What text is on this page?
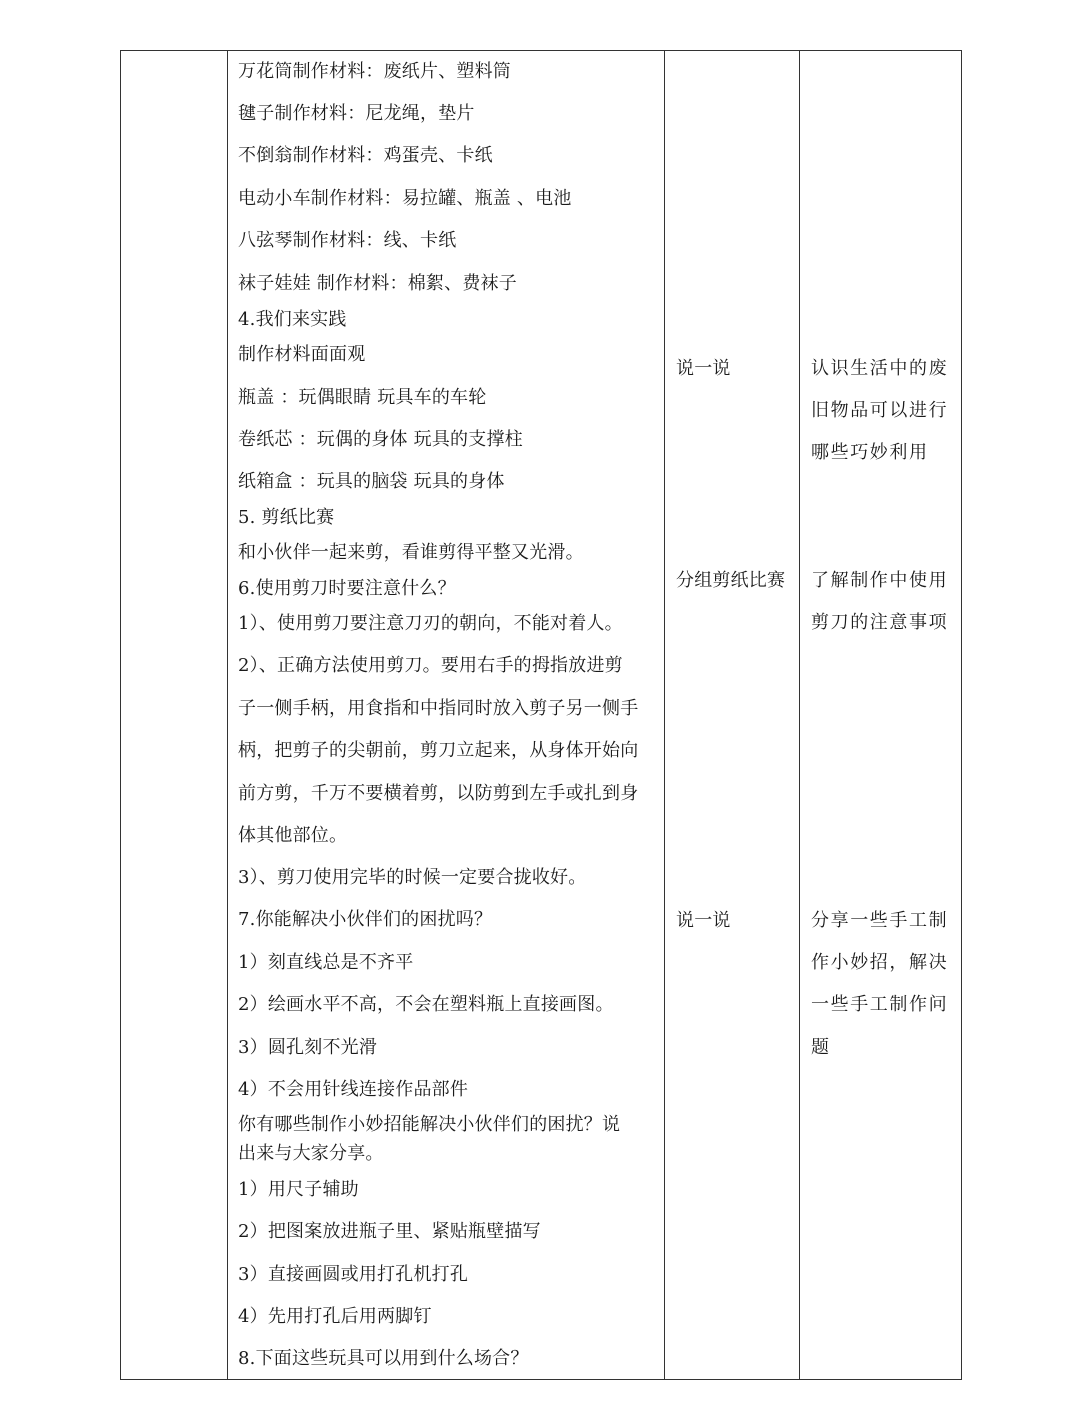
万花筒制作材料：废纸片、塑料筒
毽子制作材料：尼龙绳，垫片
不倒翁制作材料：鸡蛋壳、卡纸
电动小车制作材料：易拉罐、瓶盖 、电池
八弦琴制作材料：线、卡纸
袜子娃娃 制作材料：棉絮、费袜子
4.我们来实践
制作材料面面观
瓶盖 ：玩偶眼睛 玩具车的车轮
卷纸芯 ：玩偶的身体 玩具的支撑柱
纸箱盒 ：玩具的脑袋 玩具的身体
5. 剪纸比赛
和小伙伴一起来剪，看谁剪得平整又光滑。
6.使用剪刀时要注意什么？
1）、使用剪刀要注意刀刃的朝向，不能对着人。
2）、正确方法使用剪刀。要用右手的拇指放进剪
子一侧手柄，用食指和中指同时放入剪子另一侧手
柄，把剪子的尖朝前，剪刀立起来，从身体开始向
前方剪，千万不要横着剪，以防剪到左手或扎到身
体其他部位。
3）、剪刀使用完毕的时候一定要合拢收好。
7.你能解决小伙伴们的困扰吗？
1）刻直线总是不齐平
2）绘画水平不高，不会在塑料瓶上直接画图。
3）圆孔刻不光滑
4）不会用针线连接作品部件
你有哪些制作小妙招能解决小伙伴们的困扰？说
出来与大家分享。
1）用尺子辅助
2）把图案放进瓶子里、紧贴瓶壁描写
3）直接画圆或用打孔机打孔
4）先用打孔后用两脚钉
8.下面这些玩具可以用到什么场合？
说一说
分组剪纸比赛
说一说
认识生活中的废
旧物品可以进行
哪些巧妙利用
了解制作中使用
剪刀的注意事项
分享一些手工制
作小妙招，解决
一些手工制作问
题
